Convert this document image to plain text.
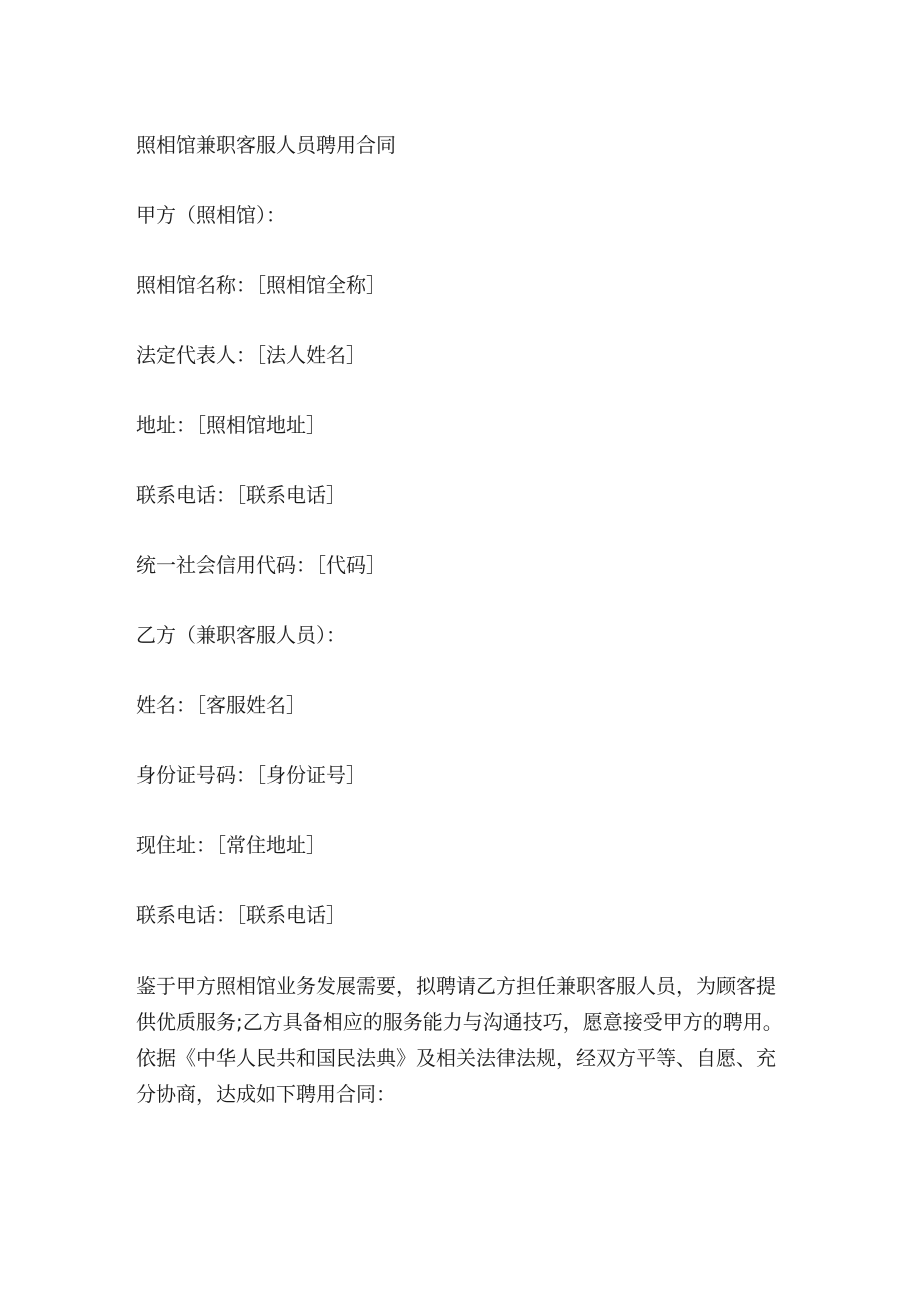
照相馆兼职客服人员聘用合同
甲方（照相馆）：
照相馆名称：［照相馆全称］
法定代表人：［法人姓名］
地址：［照相馆地址］
联系电话：［联系电话］
统一社会信用代码：［代码］
乙方（兼职客服人员）：
姓名：［客服姓名］
身份证号码：［身份证号］
现住址：［常住地址］
联系电话：［联系电话］
鉴于甲方照相馆业务发展需要，拟聘请乙方担任兼职客服人员，为顾客提
供优质服务;乙方具备相应的服务能力与沟通技巧，愿意接受甲方的聘用。
依据《中华人民共和国民法典》及相关法律法规，经双方平等、自愿、充
分协商，达成如下聘用合同：
